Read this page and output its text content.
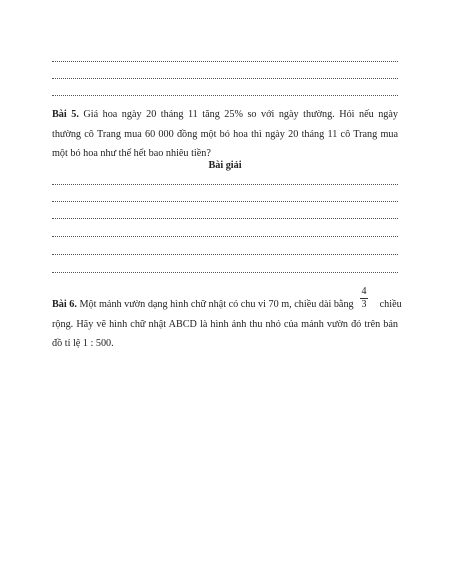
Bài 5. Giá hoa ngày 20 tháng 11 tăng 25% so với ngày thường. Hỏi nếu ngày
thường cô Trang mua 60 000 đồng một bó hoa thì ngày 20 tháng 11 cô Trang mua
một bó hoa như thế hết bao nhiêu tiền?
Bài giải
Bài 6. Một mảnh vườn dạng hình chữ nhật có chu vi 70 m, chiều dài bằng	chiều
rộng. Hãy vẽ hình chữ nhật ABCD là hình ảnh thu nhỏ của mảnh vườn đó trên bản
đồ tỉ lệ 1 : 500.
4
3
